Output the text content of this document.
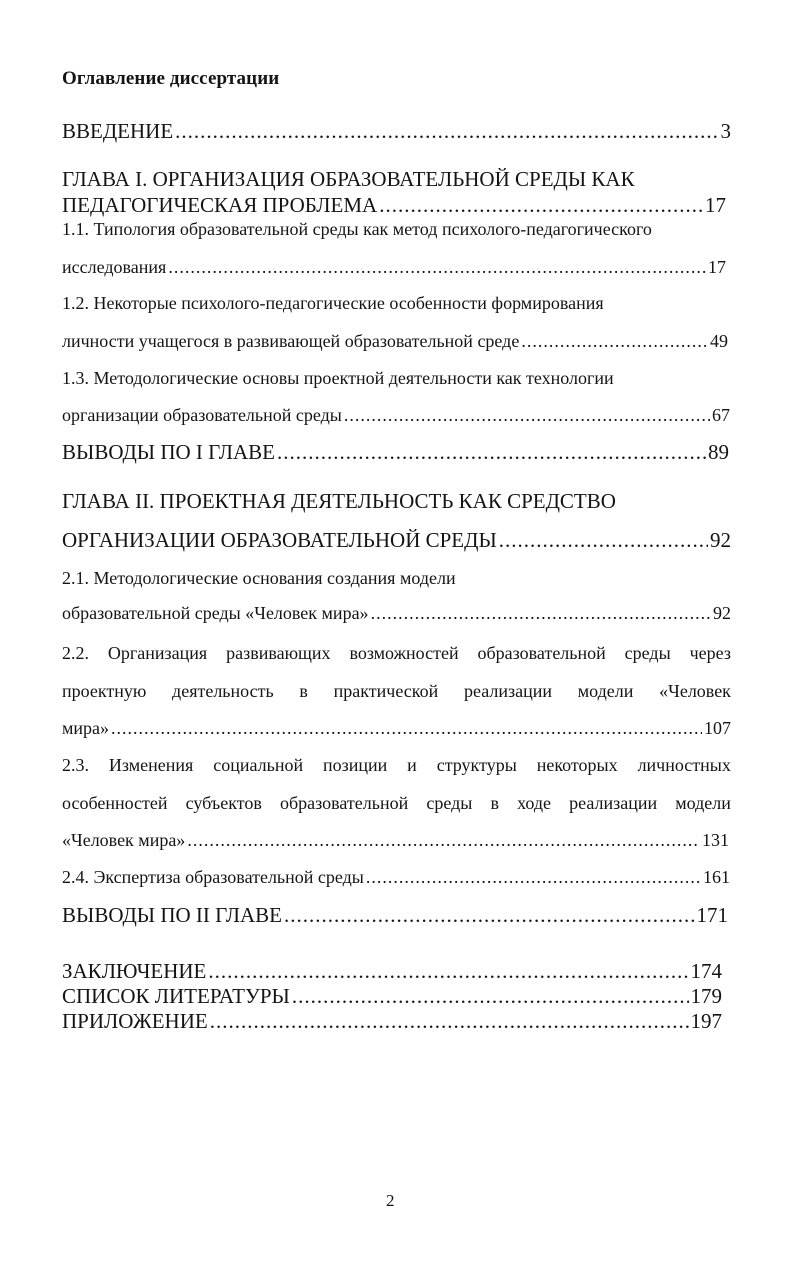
Оглавление диссертации
ВВЕДЕНИЕ .....	3
ГЛАВА I. ОРГАНИЗАЦИЯ ОБРАЗОВАТЕЛЬНОЙ СРЕДЫ КАК
ПЕДАГОГИЧЕСКАЯ ПРОБЛЕМА .....	17
1.1. Типология образовательной среды как метод психолого-педагогического
исследования .....	17
1.2. Некоторые психолого-педагогические особенности формирования
личности учащегося в развивающей образовательной среде .....	49
1.3. Методологические основы проектной деятельности как технологии
организации образовательной среды .....	67
ВЫВОДЫ ПО I ГЛАВЕ .....	89
ГЛАВА II. ПРОЕКТНАЯ ДЕЯТЕЛЬНОСТЬ КАК СРЕДСТВО
ОРГАНИЗАЦИИ ОБРАЗОВАТЕЛЬНОЙ СРЕДЫ .....	92
2.1. Методологические основания создания модели
образовательной среды «Человек мира» .....	92
2.2. Организация развивающих возможностей образовательной среды через
проектную деятельность в практической реализации модели «Человек
мира» .....	107
2.3. Изменения социальной позиции и структуры некоторых личностных
особенностей субъектов образовательной среды в ходе реализации модели
«Человек мира» .....	131
2.4. Экспертиза образовательной среды .....	161
ВЫВОДЫ ПО II ГЛАВЕ .....	171
ЗАКЛЮЧЕНИЕ .....	174
СПИСОК ЛИТЕРАТУРЫ .....	179
ПРИЛОЖЕНИЕ .....	197
2
